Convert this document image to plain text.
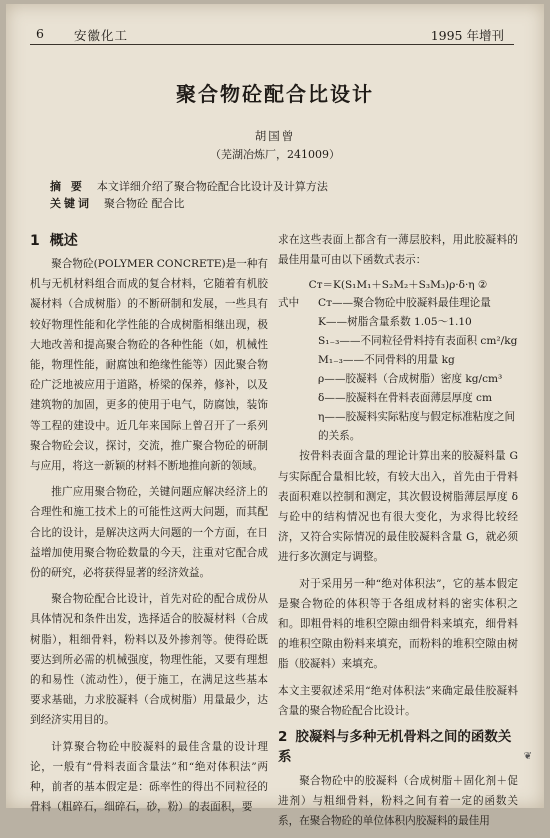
6 安徽化工	1995 年增刊
聚合物砼配合比设计
胡国曾
（芜湖冶炼厂，241009）
摘 要 本文详细介绍了聚合物砼配合比设计及计算方法
关键词 聚合物砼 配合比
1 概述

聚合物砼(POLYMER CONCRETE)是一种有机与无机材料组合而成的复合材料，它随着有机胶凝材料（合成树脂）的不断研制和发展，一些具有较好物理性能和化学性能的合成树脂相继出现，极大地改善和提高聚合物砼的各种性能（如，机械性能，物理性能，耐腐蚀和绝缘性能等）因此聚合物砼广泛地被应用于道路，桥梁的保养，修补，以及建筑物的加固，更多的使用于电气，防腐蚀，装饰等工程的建设中。近几年来国际上曾召开了一系列聚合物砼会议，探讨，交流，推广聚合物砼的研制与应用，将这一新颖的材料不断地推向新的领域。

推广应用聚合物砼，关键问题应解决经济上的合理性和施工技术上的可能性这两大问题，而其配合比的设计，是解决这两大问题的一个方面，在日益增加使用聚合物砼数量的今天，注重对它配合成份的研究，必将获得显著的经济效益。

聚合物砼配合比设计，首先对砼的配合成份从具体情况和条件出发，选择适合的胶凝材料（合成树脂），粗细骨料，粉料以及外掺剂等。使得砼既要达到所必需的机械强度，物理性能，又要有理想的和易性（流动性），便于施工，在满足这些基本要求基础，力求胶凝料（合成树脂）用量最少，达到经济实用目的。

计算聚合物砼中胶凝料的最佳含量的设计理论，一般有“骨料表面含量法”和“绝对体积法”两种，前者的基本假定是：砾率性的得出不同粒径的骨料（粗碎石，细碎石，砂，粉）的表面积，要

求在这些表面上都含有一薄层胶料，用此胶凝料的最佳用量可由以下函数式表示：

Cᴛ＝K(S₁M₁＋S₂M₂＋S₃M₃)ρ·δ·η ②
式中 Cᴛ——聚合物砼中胶凝料最佳理论量
K——树脂含量系数 1.05～1.10
S₁₋₃——不同粒径骨料持有表面积 cm²/kg
M₁₋₃——不同骨料的用量 kg
ρ——胶凝料（合成树脂）密度 kg/cm³
δ——胶凝料在骨料表面薄层厚度 cm
η——胶凝料实际粘度与假定标准粘度之间的关系。

按骨料表面含量的理论计算出来的胶凝料量 G 与实际配合量相比较，有较大出入，首先由于骨料表面积难以控制和测定，其次假设树脂薄层厚度 δ 与砼中的结构情况也有很大变化，为求得比较经济，又符合实际情况的最佳胶凝料含量 G，就必须进行多次测定与调整。

对于采用另一种“绝对体积法”，它的基本假定是聚合物砼的体积等于各组成材料的密实体积之和。即粗骨料的堆积空隙由细骨料来填充，细骨料的堆积空隙由粉料来填充，而粉料的堆积空隙由树脂（胶凝料）来填充。

本文主要叙述采用“绝对体积法”来确定最佳胶凝料含量的聚合物砼配合比设计。

2 胶凝料与多种无机骨料之间的函数关系

聚合物砼中的胶凝料（合成树脂＋固化剂＋促进剂）与粗细骨料，粉料之间有着一定的函数关系，在聚合物砼的单位体积内胶凝料的最佳用

❦
